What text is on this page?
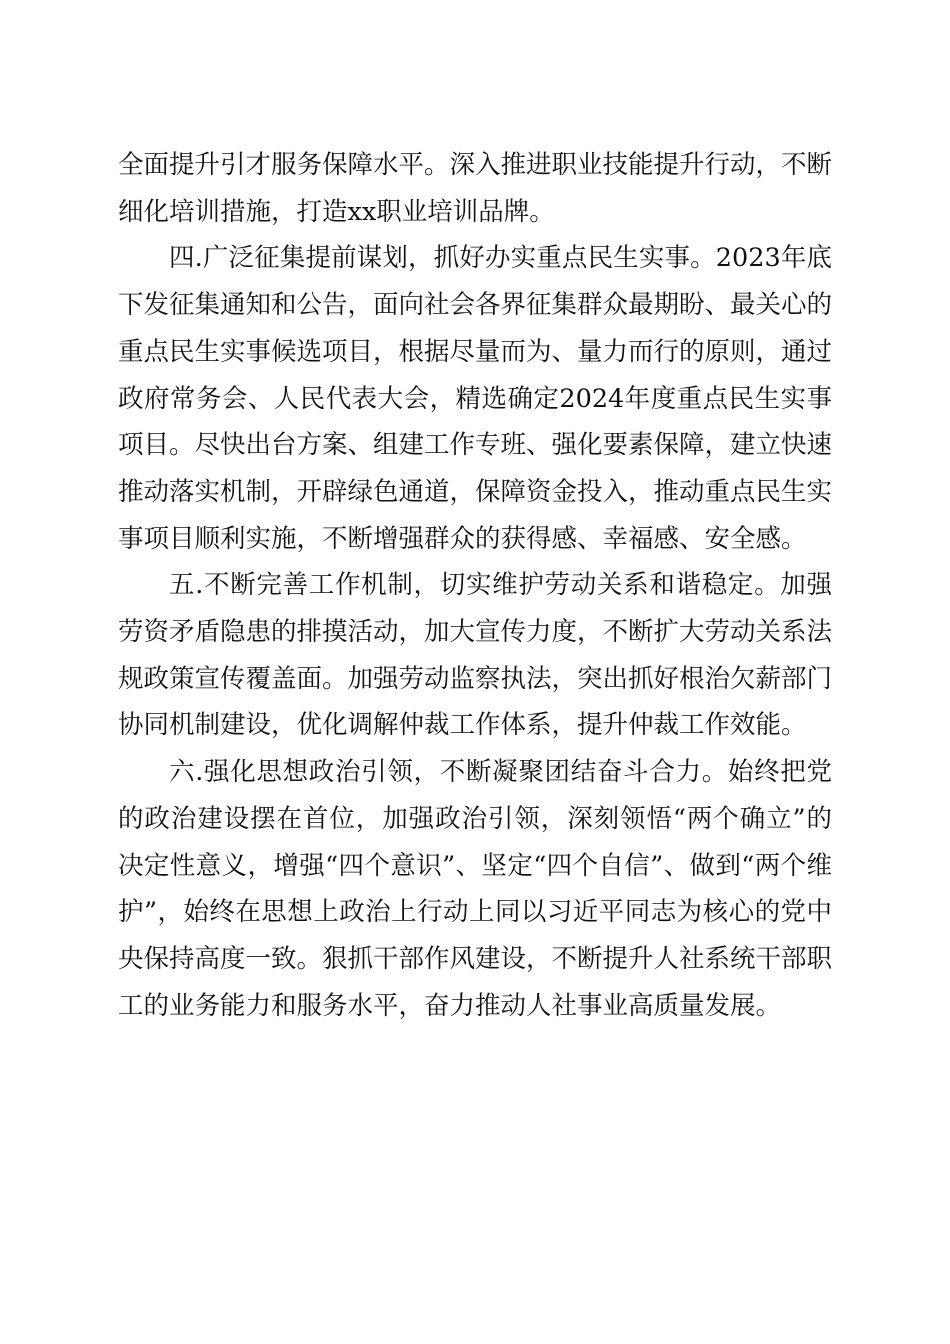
全面提升引才服务保障水平。深入推进职业技能提升行动，不断细化培训措施，打造xx职业培训品牌。

四.广泛征集提前谋划，抓好办实重点民生实事。2023年底下发征集通知和公告，面向社会各界征集群众最期盼、最关心的重点民生实事候选项目，根据尽量而为、量力而行的原则，通过政府常务会、人民代表大会，精选确定2024年度重点民生实事项目。尽快出台方案、组建工作专班、强化要素保障，建立快速推动落实机制，开辟绿色通道，保障资金投入，推动重点民生实事项目顺利实施，不断增强群众的获得感、幸福感、安全感。

五.不断完善工作机制，切实维护劳动关系和谐稳定。加强劳资矛盾隐患的排摸活动，加大宣传力度，不断扩大劳动关系法规政策宣传覆盖面。加强劳动监察执法，突出抓好根治欠薪部门协同机制建设，优化调解仲裁工作体系，提升仲裁工作效能。

六.强化思想政治引领，不断凝聚团结奋斗合力。始终把党的政治建设摆在首位，加强政治引领，深刻领悟“两个确立”的决定性意义，增强“四个意识”、坚定“四个自信”、做到“两个维护”，始终在思想上政治上行动上同以习近平同志为核心的党中央保持高度一致。狠抓干部作风建设，不断提升人社系统干部职工的业务能力和服务水平，奋力推动人社事业高质量发展。
